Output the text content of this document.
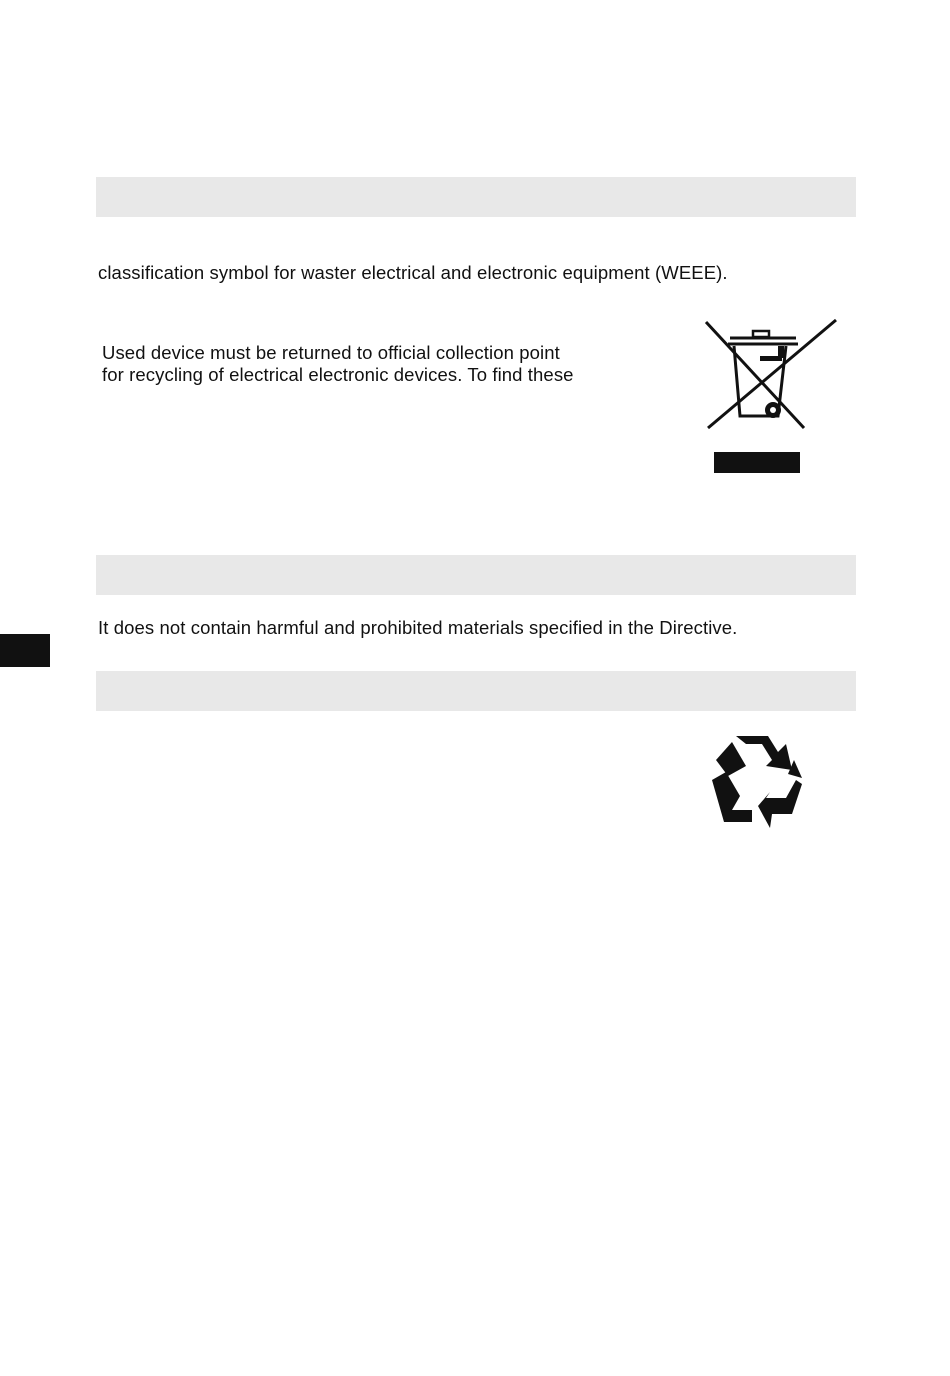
classification symbol for waster electrical and electronic equipment (WEEE).
Used device must be returned to official collection point
for recycling of electrical electronic devices. To find these
It does not contain harmful and prohibited materials specified in the Directive.
